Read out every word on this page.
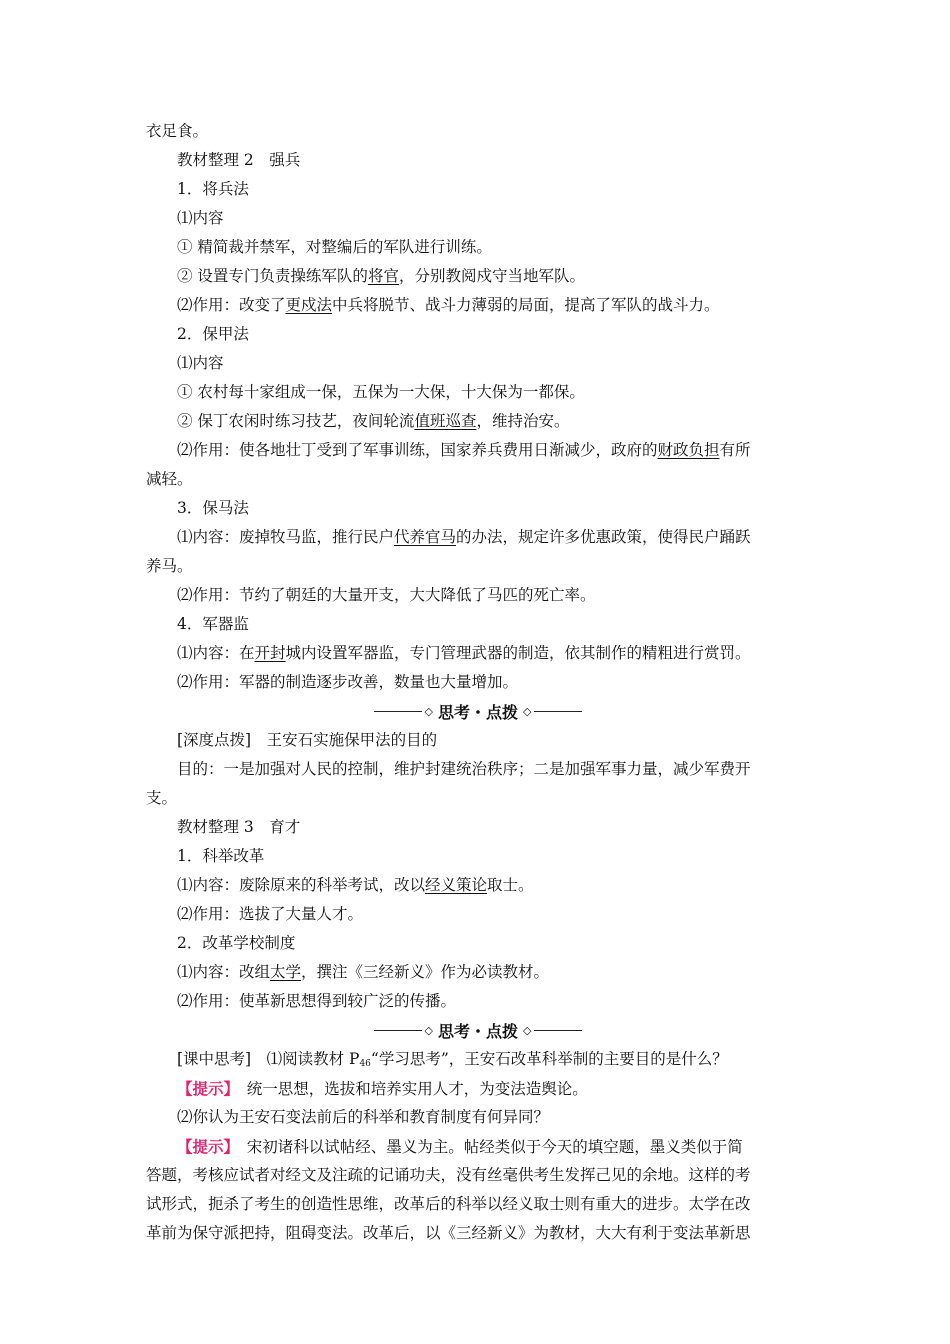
衣足食。

教材整理 2　强兵

1．将兵法

⑴内容

① 精简裁并禁军，对整编后的军队进行训练。

② 设置专门负责操练军队的将官，分别教阅戍守当地军队。

⑵作用：改变了更戍法中兵将脱节、战斗力薄弱的局面，提高了军队的战斗力。

2．保甲法

⑴内容

① 农村每十家组成一保，五保为一大保，十大保为一都保。

② 保丁农闲时练习技艺，夜间轮流值班巡查，维持治安。

⑵作用：使各地壮丁受到了军事训练，国家养兵费用日渐减少，政府的财政负担有所

减轻。

3．保马法

⑴内容：废掉牧马监，推行民户代养官马的办法，规定许多优惠政策，使得民户踊跃

养马。

⑵作用：节约了朝廷的大量开支，大大降低了马匹的死亡率。

4．军器监

⑴内容：在开封城内设置军器监，专门管理武器的制造，依其制作的精粗进行赏罚。

⑵作用：军器的制造逐步改善，数量也大量增加。

◇ 思考・点拨 ◇

[深度点拨]　王安石实施保甲法的目的

目的：一是加强对人民的控制，维护封建统治秩序；二是加强军事力量，减少军费开

支。

教材整理 3　育才

1．科举改革

⑴内容：废除原来的科举考试，改以经义策论取士。

⑵作用：选拔了大量人才。

2．改革学校制度

⑴内容：改组太学，撰注《三经新义》作为必读教材。

⑵作用：使革新思想得到较广泛的传播。

◇ 思考・点拨 ◇

[课中思考]　⑴阅读教材 $P_{46}“$学习思考”，王安石改革科举制的主要目的是什么？

【提示】　统一思想，选拔和培养实用人才，为变法造舆论。

⑵你认为王安石变法前后的科举和教育制度有何异同？

【提示】　宋初诸科以试帖经、墨义为主。帖经类似于今天的填空题，墨义类似于简

答题，考核应试者对经文及注疏的记诵功夫，没有丝毫供考生发挥己见的余地。这样的考

试形式，扼杀了考生的创造性思维，改革后的科举以经义取士则有重大的进步。太学在改

革前为保守派把持，阻碍变法。改革后，以《三经新义》为教材，大大有利于变法革新思
